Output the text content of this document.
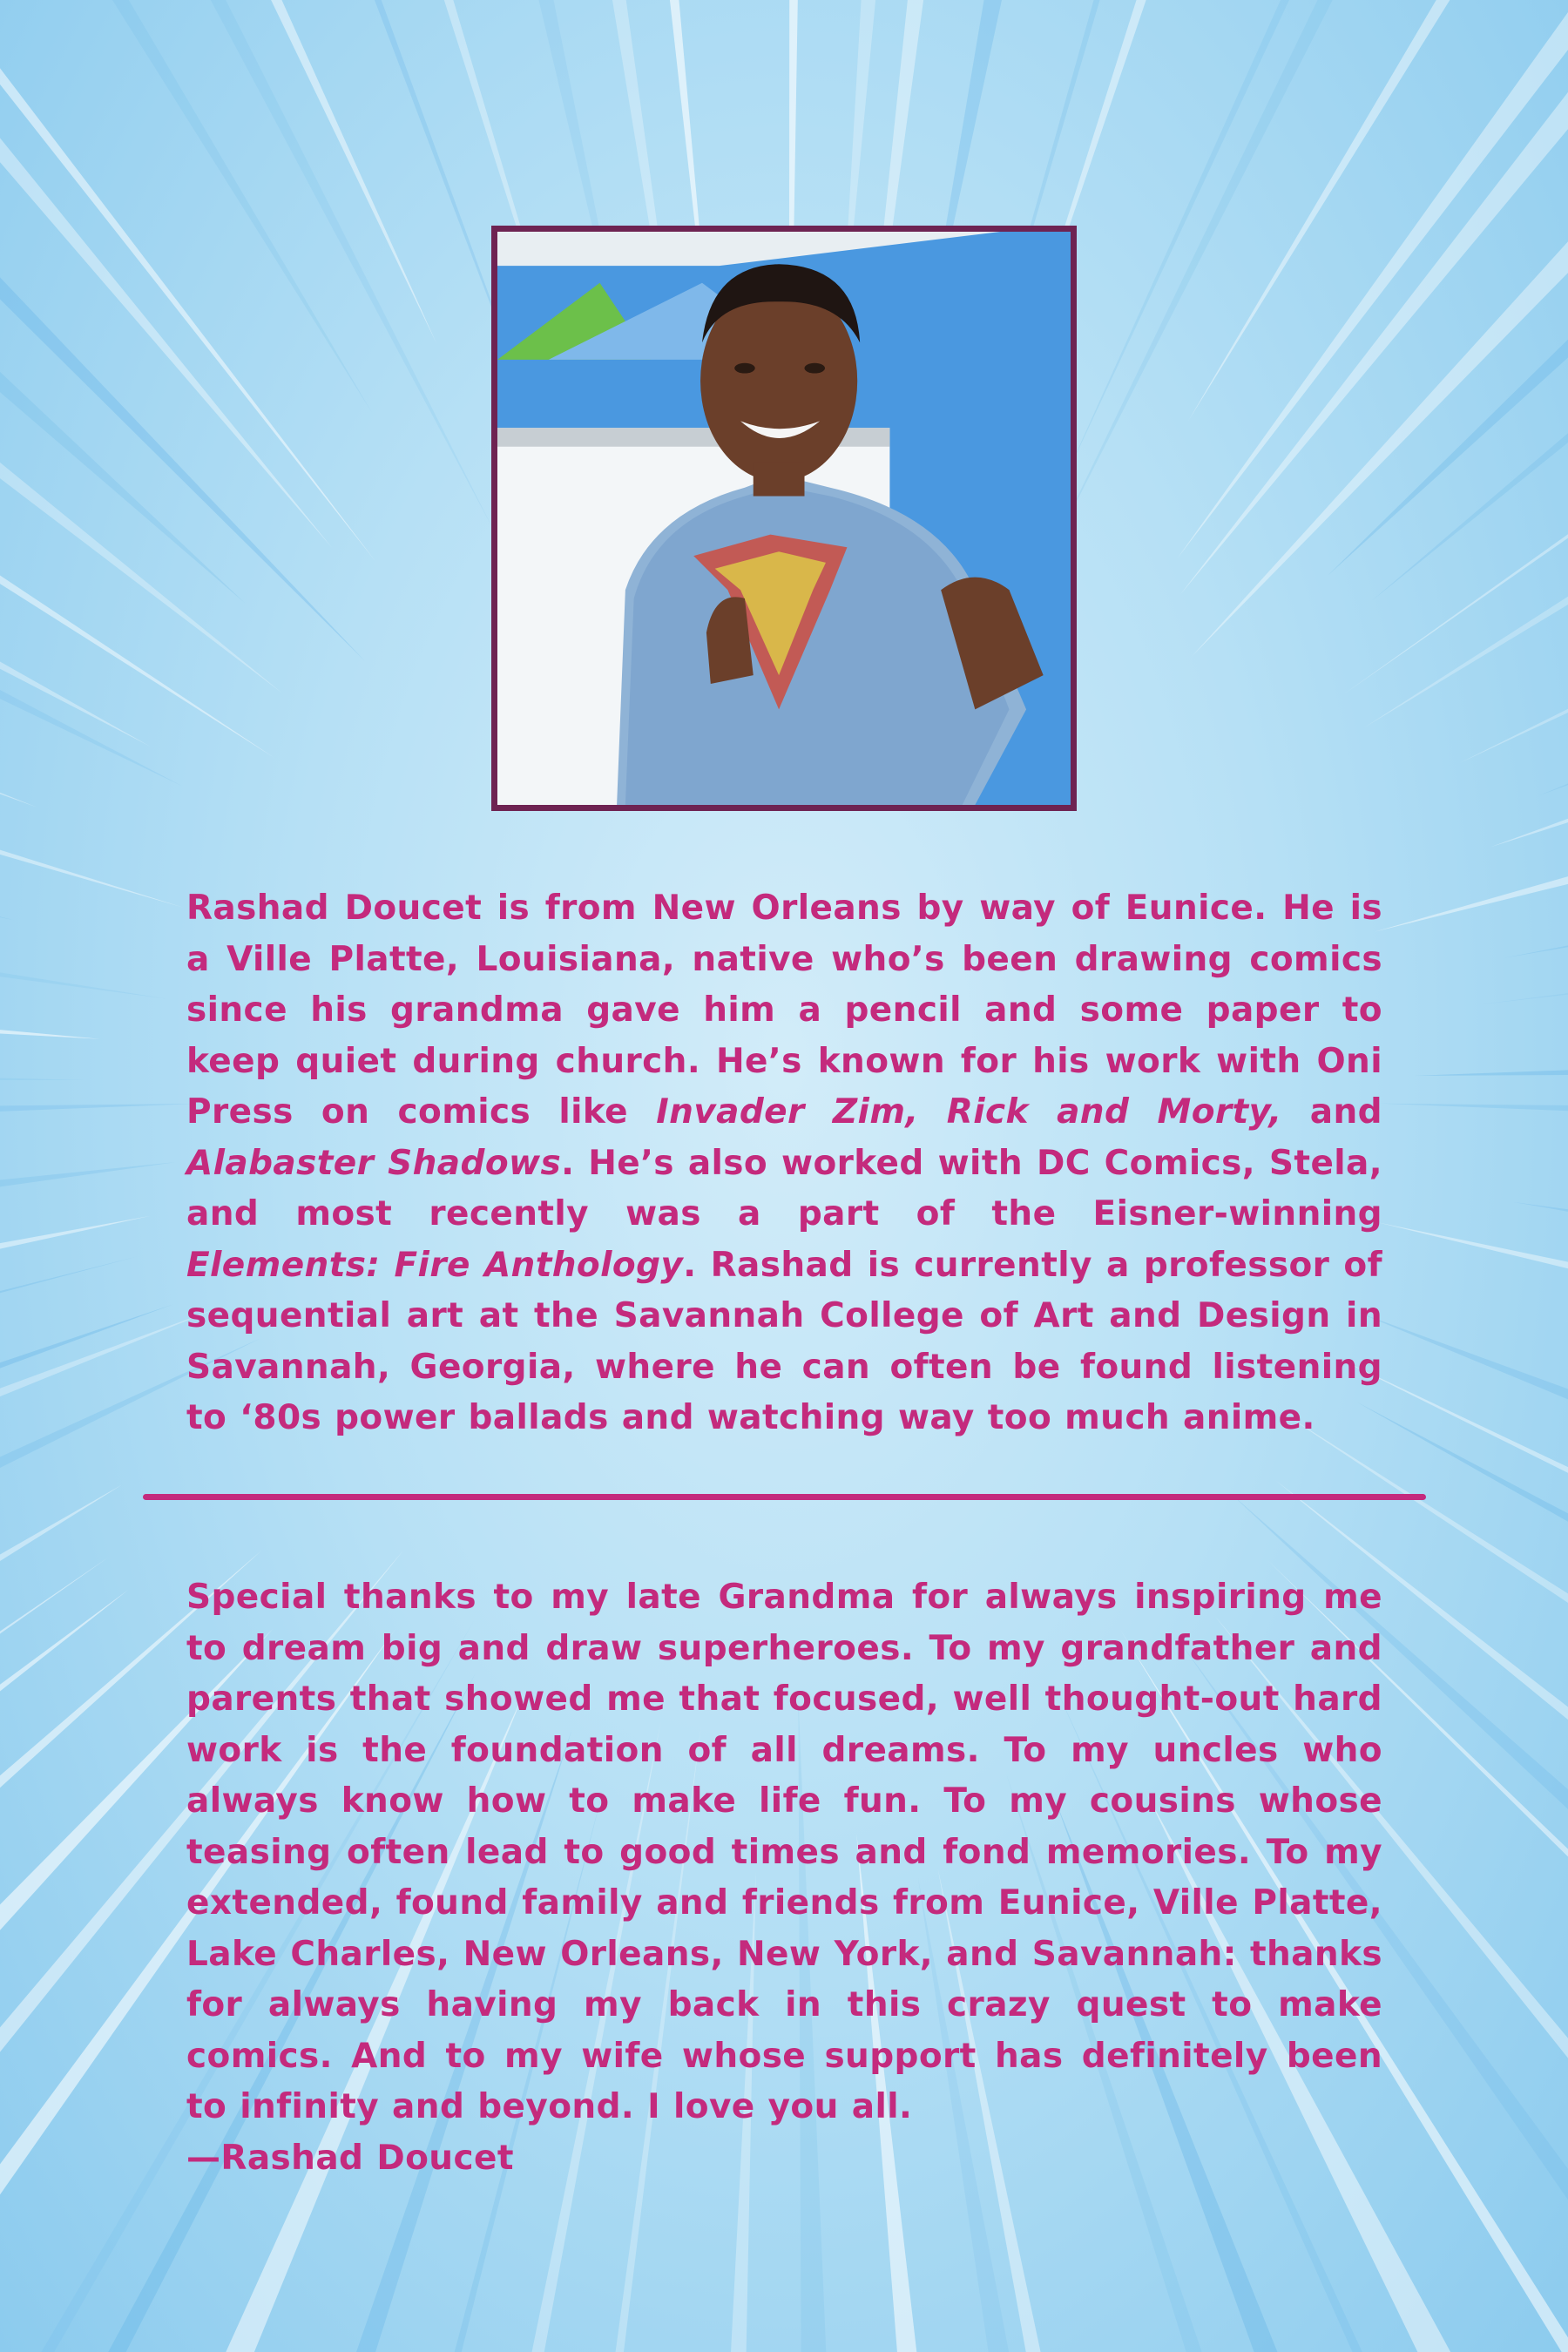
Rashad Doucet is from New Orleans by way of Eunice. He is a Ville Platte, Louisiana, native who’s been drawing comics since his grandma gave him a pencil and some paper to keep quiet during church. He’s known for his work with Oni Press on comics like Invader Zim, Rick and Morty, and Alabaster Shadows. He’s also worked with DC Comics, Stela, and most recently was a part of the Eisner-winning Elements: Fire Anthology. Rashad is currently a professor of sequential art at the Savannah College of Art and Design in Savannah, Georgia, where he can often be found listening to ‘80s power ballads and watching way too much anime.

Special thanks to my late Grandma for always inspiring me to dream big and draw superheroes. To my grandfather and parents that showed me that focused, well thought-out hard work is the foundation of all dreams. To my uncles who always know how to make life fun. To my cousins whose teasing often lead to good times and fond memories. To my extended, found family and friends from Eunice, Ville Platte, Lake Charles, New Orleans, New York, and Savannah: thanks for always having my back in this crazy quest to make comics. And to my wife whose support has definitely been to infinity and beyond. I love you all.
—Rashad Doucet
